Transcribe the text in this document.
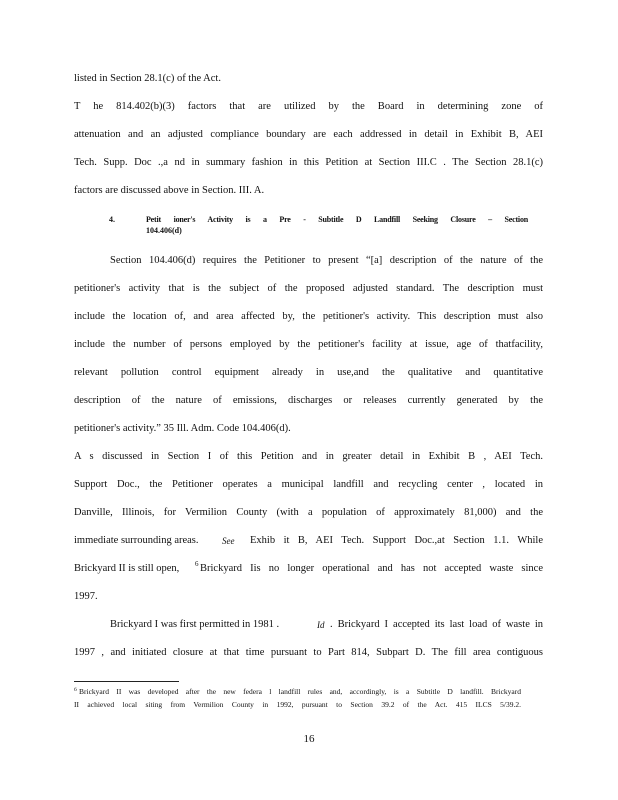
listed in Section 28.1(c) of the Act.
T he 814.402(b)(3) factors that are utilized by the Board in determining zone of
attenuation and an adjusted compliance boundary are each addressed in detail in Exhibit B, AEI
Tech. Supp. Doc .,a nd in summary fashion in this Petition at Section III.C . The Section 28.1(c)
factors are discussed above in Section. III. A.
4.	Petit ioner's Activity is a Pre - Subtitle D Landfill Seeking Closure – Section
104.406(d)
Section 104.406(d) requires the Petitioner to present “[a] description of the nature of the
petitioner's activity that is the subject of the proposed adjusted standard. The description must
include the location of, and area affected by, the petitioner's activity. This description must also
include the number of persons employed by the petitioner's facility at issue, age of thatfacility,
relevant pollution control equipment already in use,and the qualitative and quantitative
description of the nature of emissions, discharges or releases currently generated by the
petitioner's activity.” 35 Ill. Adm. Code 104.406(d).
A s discussed in Section I of this Petition and in greater detail in Exhibit B , AEI Tech.
Support Doc., the Petitioner operates a municipal landfill and recycling center , located in
Danville, Illinois, for Vermilion County (with a population of approximately 81,000) and the
immediate surrounding areas.	See Exhib it B, AEI Tech. Support Doc.,at Section 1.1. While
Brickyard II is still open, 6 Brickyard Iis no longer operational and has not accepted waste since
1997.
Brickyard I was first permitted in 1981 .	Id . Brickyard I accepted its last load of waste in
1997 , and initiated closure at that time pursuant to Part 814, Subpart D. The fill area contiguous
6 Brickyard II was developed after the new federa l landfill rules and, accordingly, is a Subtitle D landfill. Brickyard
II achieved local siting from Vermilion County in 1992, pursuant to Section 39.2 of the Act. 415 ILCS 5/39.2.
16
